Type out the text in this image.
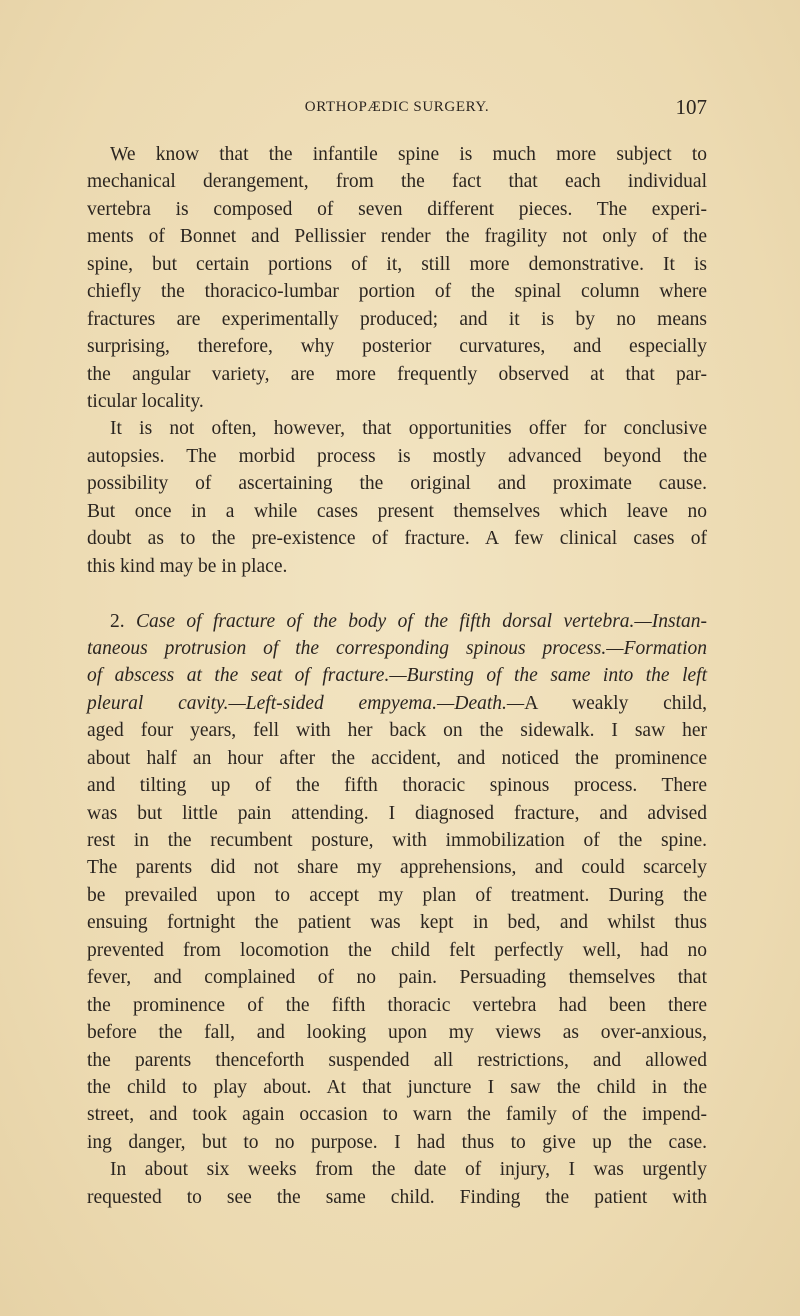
ORTHOPÆDIC SURGERY.	107
We know that the infantile spine is much more subject to
mechanical derangement, from the fact that each individual
vertebra is composed of seven different pieces. The experi-
ments of Bonnet and Pellissier render the fragility not only of the
spine, but certain portions of it, still more demonstrative. It is
chiefly the thoracico-lumbar portion of the spinal column where
fractures are experimentally produced; and it is by no means
surprising, therefore, why posterior curvatures, and especially
the angular variety, are more frequently observed at that par-
ticular locality.
It is not often, however, that opportunities offer for conclusive
autopsies. The morbid process is mostly advanced beyond the
possibility of ascertaining the original and proximate cause.
But once in a while cases present themselves which leave no
doubt as to the pre-existence of fracture. A few clinical cases of
this kind may be in place.
2. Case of fracture of the body of the fifth dorsal vertebra.—Instan-
taneous protrusion of the corresponding spinous process.—Formation
of abscess at the seat of fracture.—Bursting of the same into the left
pleural cavity.—Left-sided empyema.—Death.—A weakly child,
aged four years, fell with her back on the sidewalk. I saw her
about half an hour after the accident, and noticed the prominence
and tilting up of the fifth thoracic spinous process. There
was but little pain attending. I diagnosed fracture, and advised
rest in the recumbent posture, with immobilization of the spine.
The parents did not share my apprehensions, and could scarcely
be prevailed upon to accept my plan of treatment. During the
ensuing fortnight the patient was kept in bed, and whilst thus
prevented from locomotion the child felt perfectly well, had no
fever, and complained of no pain. Persuading themselves that
the prominence of the fifth thoracic vertebra had been there
before the fall, and looking upon my views as over-anxious,
the parents thenceforth suspended all restrictions, and allowed
the child to play about. At that juncture I saw the child in the
street, and took again occasion to warn the family of the impend-
ing danger, but to no purpose. I had thus to give up the case.
In about six weeks from the date of injury, I was urgently
requested to see the same child. Finding the patient with
